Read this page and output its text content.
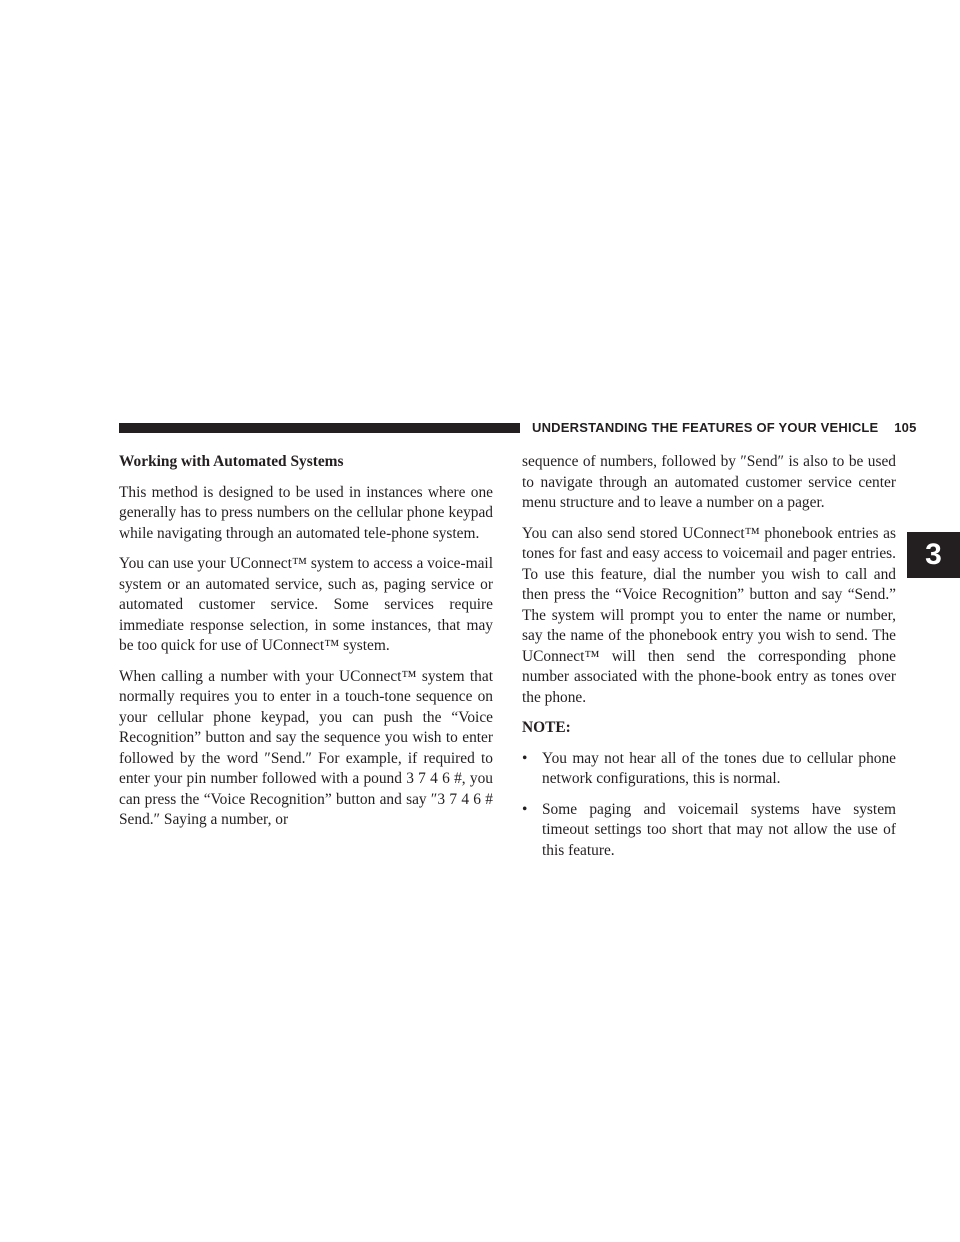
UNDERSTANDING THE FEATURES OF YOUR VEHICLE 105
3

Working with Automated Systems

This method is designed to be used in instances where one generally has to press numbers on the cellular phone keypad while navigating through an automated tele-phone system.

You can use your UConnect™ system to access a voice-mail system or an automated service, such as, paging service or automated customer service. Some services require immediate response selection, in some instances, that may be too quick for use of UConnect™ system.

When calling a number with your UConnect™ system that normally requires you to enter in a touch-tone sequence on your cellular phone keypad, you can push the “Voice Recognition” button and say the sequence you wish to enter followed by the word ″Send.″ For example, if required to enter your pin number followed with a pound 3 7 4 6 #, you can press the “Voice Recognition” button and say ″3 7 4 6 # Send.″ Saying a number, or

sequence of numbers, followed by ″Send″ is also to be used to navigate through an automated customer service center menu structure and to leave a number on a pager.

You can also send stored UConnect™ phonebook entries as tones for fast and easy access to voicemail and pager entries. To use this feature, dial the number you wish to call and then press the “Voice Recognition” button and say “Send.” The system will prompt you to enter the name or number, say the name of the phonebook entry you wish to send. The UConnect™ will then send the corresponding phone number associated with the phone-book entry as tones over the phone.

NOTE:

• You may not hear all of the tones due to cellular phone network configurations, this is normal.
• Some paging and voicemail systems have system timeout settings too short that may not allow the use of this feature.
